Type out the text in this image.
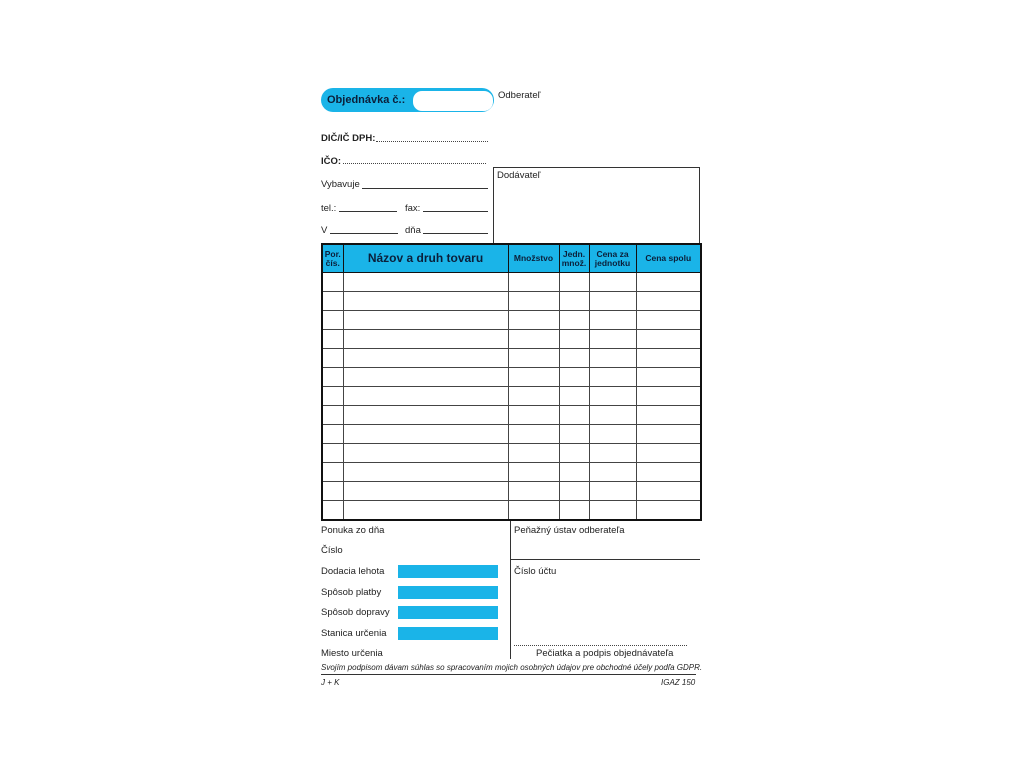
Objednávka č.:	Odberateľ
DIČ/IČ DPH:
IČO:
Vybavuje
tel.:	fax:
V	dňa
Dodávateľ
Por. čís.	Názov a druh tovaru	Množstvo	Jedn. množ.	Cena za jednotku	Cena spolu

Ponuka zo dňa
Číslo
Dodacia lehota
Spôsob platby
Spôsob dopravy
Stanica určenia
Miesto určenia
Peňažný ústav odberateľa
Číslo účtu
Pečiatka a podpis objednávateľa
Svojím podpisom dávam súhlas so spracovaním mojich osobných údajov pre obchodné účely podľa GDPR.
J + K	IGAZ 150
